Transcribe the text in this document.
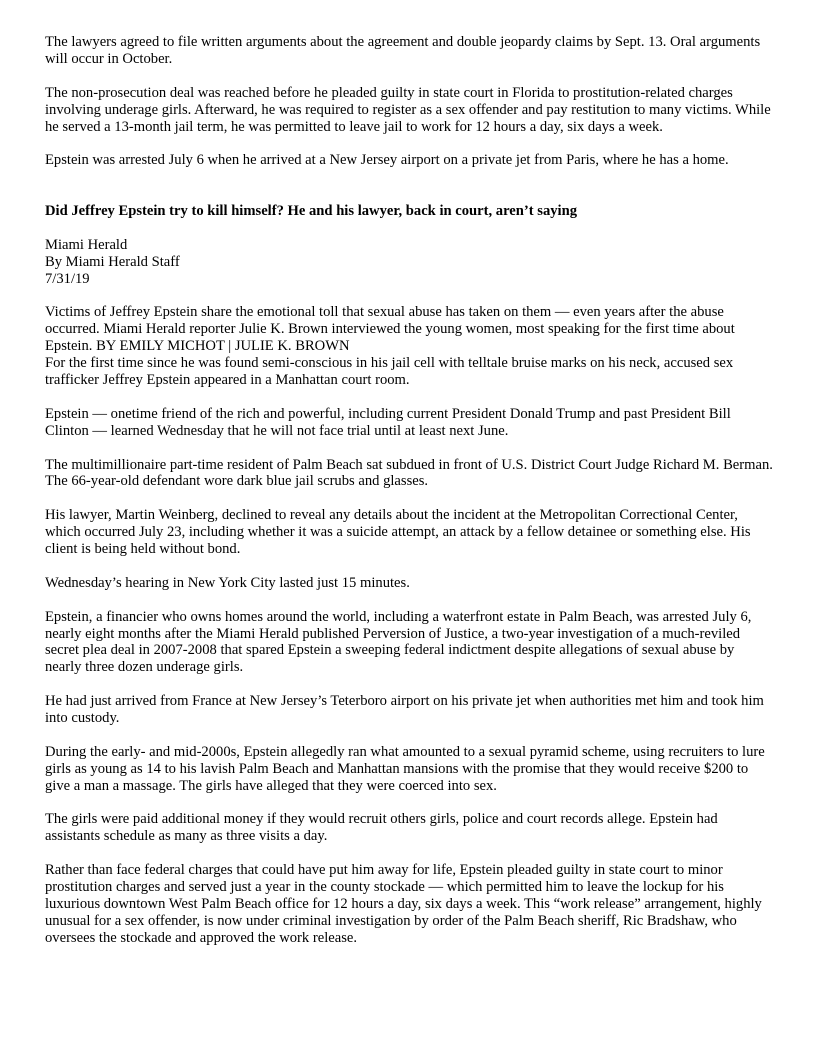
The lawyers agreed to file written arguments about the agreement and double jeopardy claims by Sept. 13. Oral arguments will occur in October.

The non-prosecution deal was reached before he pleaded guilty in state court in Florida to prostitution-related charges involving underage girls. Afterward, he was required to register as a sex offender and pay restitution to many victims. While he served a 13-month jail term, he was permitted to leave jail to work for 12 hours a day, six days a week.

Epstein was arrested July 6 when he arrived at a New Jersey airport on a private jet from Paris, where he has a home.

Did Jeffrey Epstein try to kill himself? He and his lawyer, back in court, aren’t saying

Miami Herald
By Miami Herald Staff
7/31/19

Victims of Jeffrey Epstein share the emotional toll that sexual abuse has taken on them — even years after the abuse occurred. Miami Herald reporter Julie K. Brown interviewed the young women, most speaking for the first time about Epstein. BY EMILY MICHOT | JULIE K. BROWN

For the first time since he was found semi-conscious in his jail cell with telltale bruise marks on his neck, accused sex trafficker Jeffrey Epstein appeared in a Manhattan court room.

Epstein — onetime friend of the rich and powerful, including current President Donald Trump and past President Bill Clinton — learned Wednesday that he will not face trial until at least next June.

The multimillionaire part-time resident of Palm Beach sat subdued in front of U.S. District Court Judge Richard M. Berman. The 66-year-old defendant wore dark blue jail scrubs and glasses.

His lawyer, Martin Weinberg, declined to reveal any details about the incident at the Metropolitan Correctional Center, which occurred July 23, including whether it was a suicide attempt, an attack by a fellow detainee or something else. His client is being held without bond.

Wednesday’s hearing in New York City lasted just 15 minutes.

Epstein, a financier who owns homes around the world, including a waterfront estate in Palm Beach, was arrested July 6, nearly eight months after the Miami Herald published Perversion of Justice, a two-year investigation of a much-reviled secret plea deal in 2007-2008 that spared Epstein a sweeping federal indictment despite allegations of sexual abuse by nearly three dozen underage girls.

He had just arrived from France at New Jersey’s Teterboro airport on his private jet when authorities met him and took him into custody.

During the early- and mid-2000s, Epstein allegedly ran what amounted to a sexual pyramid scheme, using recruiters to lure girls as young as 14 to his lavish Palm Beach and Manhattan mansions with the promise that they would receive $200 to give a man a massage. The girls have alleged that they were coerced into sex.

The girls were paid additional money if they would recruit others girls, police and court records allege. Epstein had assistants schedule as many as three visits a day.

Rather than face federal charges that could have put him away for life, Epstein pleaded guilty in state court to minor prostitution charges and served just a year in the county stockade — which permitted him to leave the lockup for his luxurious downtown West Palm Beach office for 12 hours a day, six days a week. This “work release” arrangement, highly unusual for a sex offender, is now under criminal investigation by order of the Palm Beach sheriff, Ric Bradshaw, who oversees the stockade and approved the work release.
